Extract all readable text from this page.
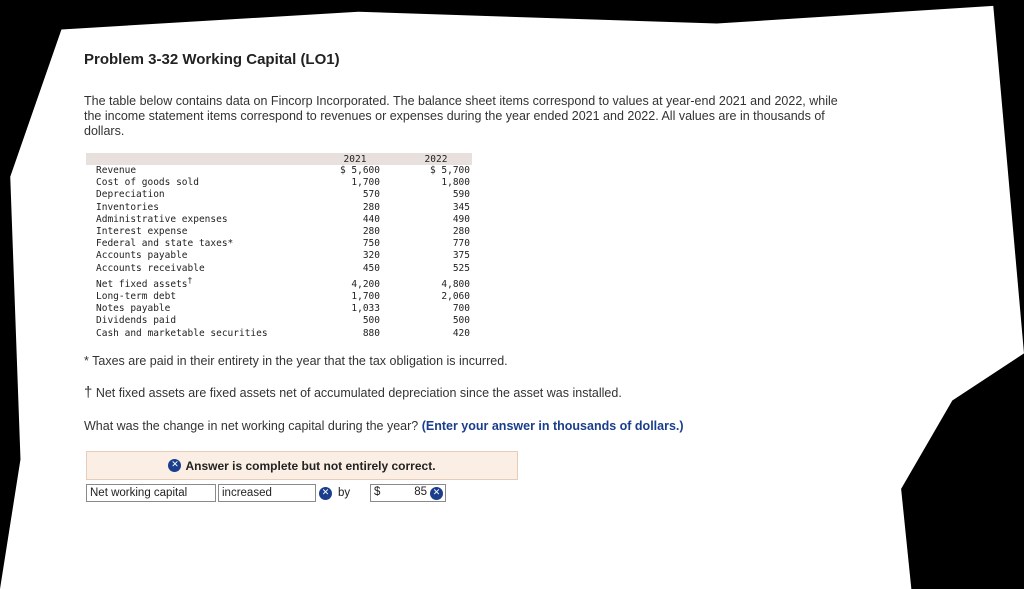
Problem 3-32 Working Capital (LO1)
The table below contains data on Fincorp Incorporated. The balance sheet items correspond to values at year-end 2021 and 2022, while the income statement items correspond to revenues or expenses during the year ended 2021 and 2022. All values are in thousands of dollars.
	2021	2022
Revenue	$ 5,600	$ 5,700
Cost of goods sold	1,700	1,800
Depreciation	570	590
Inventories	280	345
Administrative expenses	440	490
Interest expense	280	280
Federal and state taxes*	750	770
Accounts payable	320	375
Accounts receivable	450	525
Net fixed assets†	4,200	4,800
Long-term debt	1,700	2,060
Notes payable	1,033	700
Dividends paid	500	500
Cash and marketable securities	880	420
* Taxes are paid in their entirety in the year that the tax obligation is incurred.
† Net fixed assets are fixed assets net of accumulated depreciation since the asset was installed.
What was the change in net working capital during the year? (Enter your answer in thousands of dollars.)
✕ Answer is complete but not entirely correct.
Net working capital	increased	✕ by	$	85 ✕
